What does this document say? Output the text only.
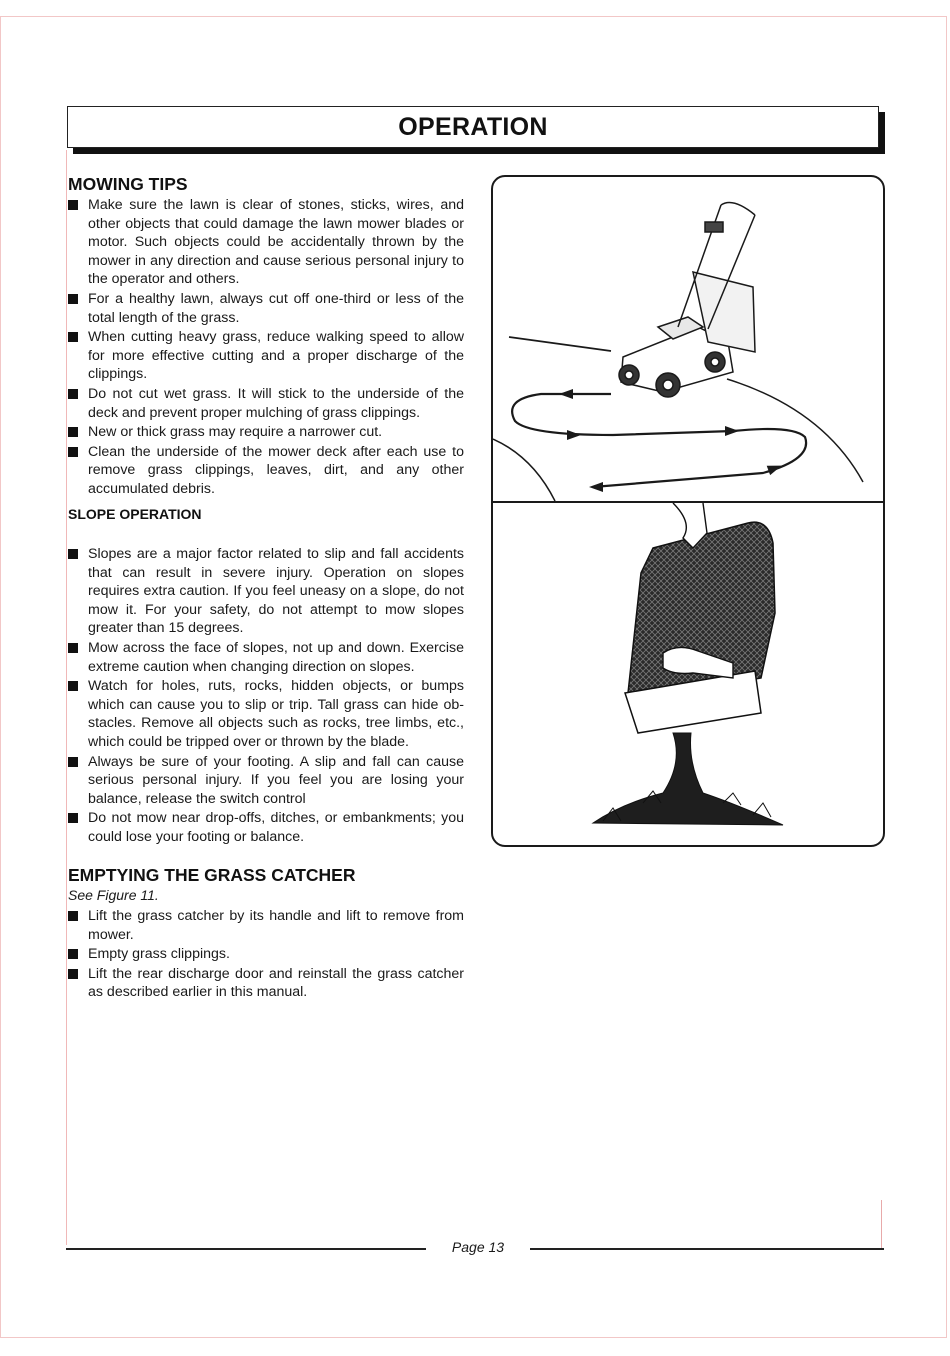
OPERATION
MOWING TIPS
Make sure the lawn is clear of stones, sticks, wires, and other objects that could damage the lawn mower blades or motor. Such objects could be accidentally thrown by the mower in any direction and cause serious personal injury to the operator and others.
For a healthy lawn, always cut off one-third or less of the total length of the grass.
When cutting heavy grass, reduce walking speed to allow for more effective cutting and a proper discharge of the clippings.
Do not cut wet grass. It will stick to the underside of the deck and prevent proper mulching of grass clippings.
New or thick grass may require a narrower cut.
Clean the underside of the mower deck after each use to remove grass clippings, leaves, dirt, and any other accumulated debris.
SLOPE OPERATION
Slopes are a major factor related to slip and fall accidents that can result in severe injury. Operation on slopes requires extra caution. If you feel uneasy on a slope, do not mow it. For your safety, do not attempt to mow slopes greater than 15 degrees.
Mow across the face of slopes, not up and down. Exercise extreme caution when changing direction on slopes.
Watch for holes, ruts, rocks, hidden objects, or bumps which can cause you to slip or trip. Tall grass can hide ob-stacles. Remove all objects such as rocks, tree limbs, etc., which could be tripped over or thrown by the blade.
Always be sure of your footing. A slip and fall can cause serious personal injury. If you feel you are losing your balance, release the switch control
Do not mow near drop-offs, ditches, or embankments; you could lose your footing or balance.
EMPTYING THE GRASS CATCHER
See Figure 11.
Lift the grass catcher by its handle and lift to remove from mower.
Empty grass clippings.
Lift the rear discharge door and reinstall the grass catcher as described earlier in this manual.
Page 13
